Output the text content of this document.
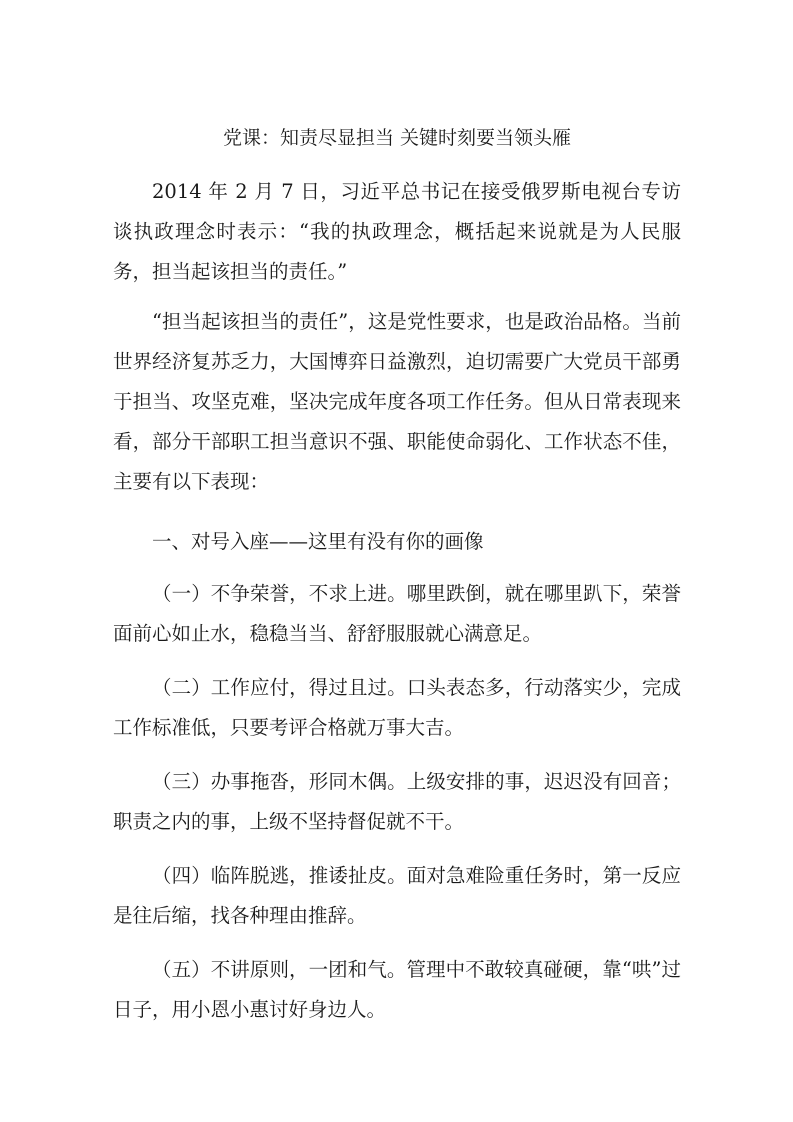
党课：知责尽显担当 关键时刻要当领头雁

2014 年 2 月 7 日，习近平总书记在接受俄罗斯电视台专访谈执政理念时表示：“我的执政理念，概括起来说就是为人民服务，担当起该担当的责任。”

“担当起该担当的责任”，这是党性要求，也是政治品格。当前世界经济复苏乏力，大国博弈日益激烈，迫切需要广大党员干部勇于担当、攻坚克难，坚决完成年度各项工作任务。但从日常表现来看，部分干部职工担当意识不强、职能使命弱化、工作状态不佳，主要有以下表现：

一、对号入座——这里有没有你的画像

（一）不争荣誉，不求上进。哪里跌倒，就在哪里趴下，荣誉面前心如止水，稳稳当当、舒舒服服就心满意足。

（二）工作应付，得过且过。口头表态多，行动落实少，完成工作标准低，只要考评合格就万事大吉。

（三）办事拖沓，形同木偶。上级安排的事，迟迟没有回音；职责之内的事，上级不坚持督促就不干。

（四）临阵脱逃，推诿扯皮。面对急难险重任务时，第一反应是往后缩，找各种理由推辞。

（五）不讲原则，一团和气。管理中不敢较真碰硬，靠“哄”过日子，用小恩小惠讨好身边人。
